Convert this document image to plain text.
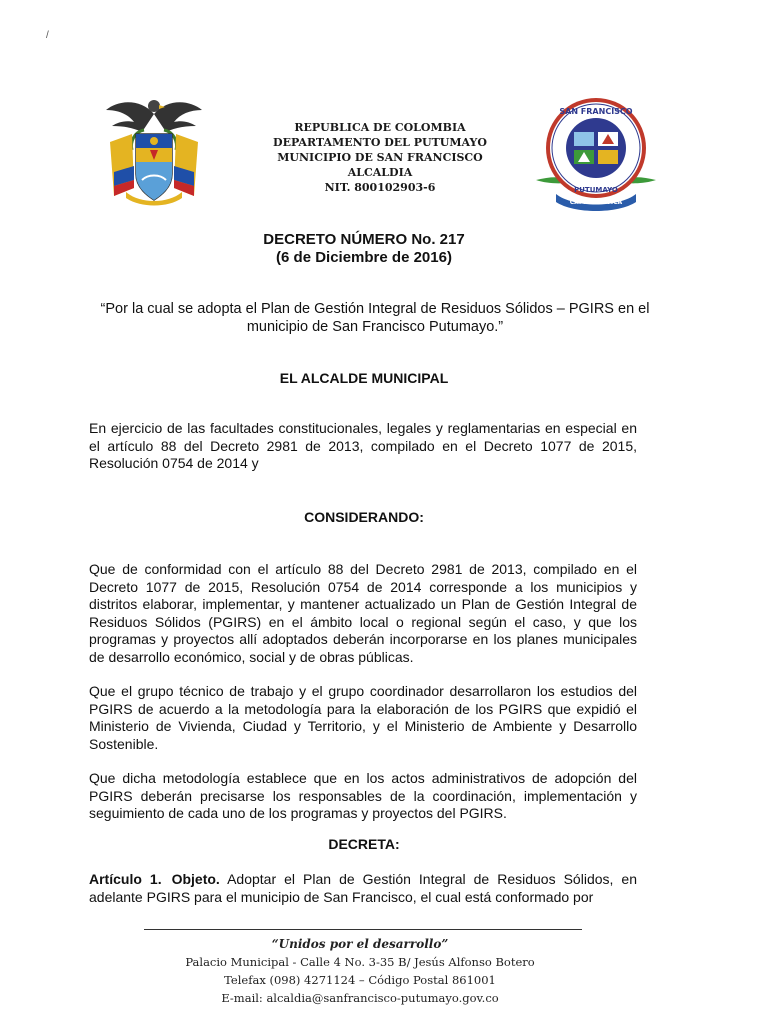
/
REPUBLICA DE COLOMBIA
DEPARTAMENTO DEL PUTUMAYO
MUNICIPIO DE SAN FRANCISCO
ALCALDIA
NIT. 800102903-6
SAN FRANCISCO
PUTUMAYO
CAPITAL CIVICA
DECRETO NÚMERO No. 217
(6 de Diciembre de 2016)
“Por la cual se adopta el Plan de Gestión Integral de Residuos Sólidos – PGIRS en el municipio de San Francisco Putumayo.”
EL ALCALDE MUNICIPAL
En ejercicio de las facultades constitucionales, legales y reglamentarias en especial en el artículo 88 del Decreto 2981 de 2013, compilado en el Decreto 1077 de 2015, Resolución 0754 de 2014 y
CONSIDERANDO:
Que de conformidad con el artículo 88 del Decreto 2981 de 2013, compilado en el Decreto 1077 de 2015, Resolución 0754 de 2014 corresponde a los municipios y distritos elaborar, implementar, y mantener actualizado un Plan de Gestión Integral de Residuos Sólidos (PGIRS) en el ámbito local o regional según el caso, y que los programas y proyectos allí adoptados deberán incorporarse en los planes municipales de desarrollo económico, social y de obras públicas.
Que el grupo técnico de trabajo y el grupo coordinador desarrollaron los estudios del PGIRS de acuerdo a la metodología para la elaboración de los PGIRS que expidió el Ministerio de Vivienda, Ciudad y Territorio, y el Ministerio de Ambiente y Desarrollo Sostenible.
Que dicha metodología establece que en los actos administrativos de adopción del PGIRS deberán precisarse los responsables de la coordinación, implementación y seguimiento de cada uno de los programas y proyectos del PGIRS.
DECRETA:
Artículo 1. Objeto. Adoptar el Plan de Gestión Integral de Residuos Sólidos, en adelante PGIRS para el municipio de San Francisco, el cual está conformado por
“Unidos por el desarrollo”
Palacio Municipal - Calle 4 No. 3-35 B/ Jesús Alfonso Botero
Telefax (098) 4271124 – Código Postal 861001
E-mail: alcaldia@sanfrancisco-putumayo.gov.co
